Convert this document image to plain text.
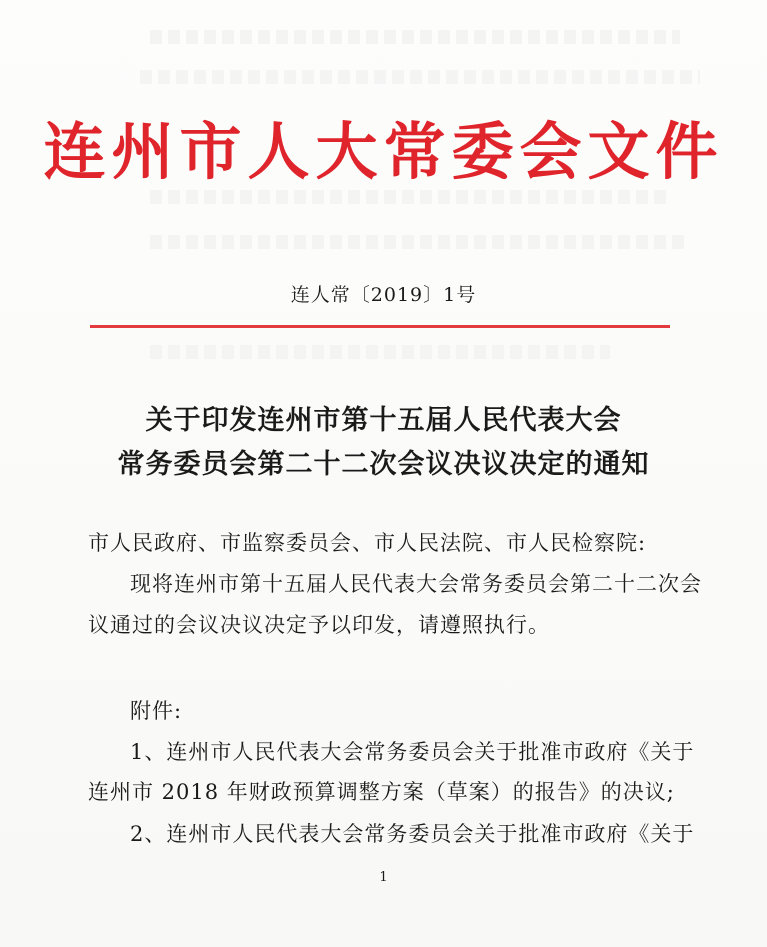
连州市人大常委会文件
连人常〔2019〕1号
关于印发连州市第十五届人民代表大会
常务委员会第二十二次会议决议决定的通知
市人民政府、市监察委员会、市人民法院、市人民检察院:
现将连州市第十五届人民代表大会常务委员会第二十二次会
议通过的会议决议决定予以印发，请遵照执行。
附件:
1、连州市人民代表大会常务委员会关于批准市政府《关于
连州市 2018 年财政预算调整方案（草案）的报告》的决议;
2、连州市人民代表大会常务委员会关于批准市政府《关于
1
